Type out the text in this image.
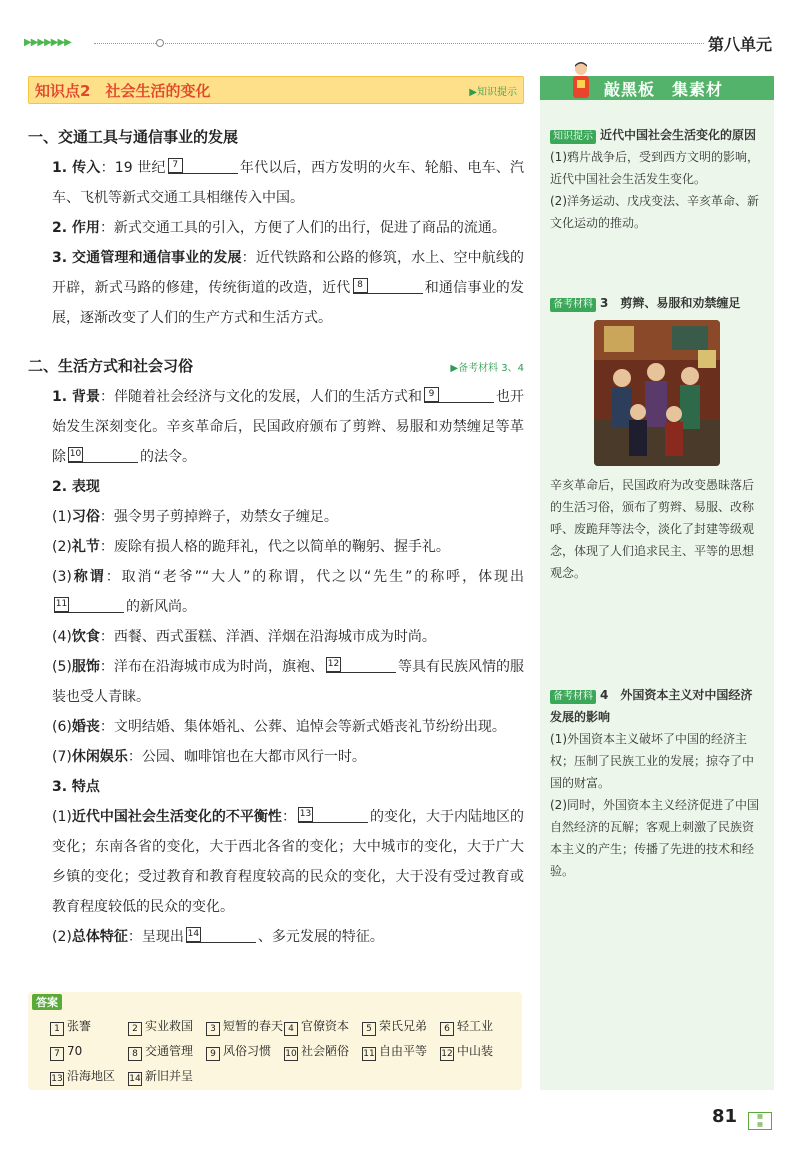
▶▶▶▶▶▶▶	第八单元
知识点2　社会生活的变化	▶知识提示
一、交通工具与通信事业的发展
1. 传入：19 世纪 7	年代以后，西方发明的火车、轮船、电车、汽车、飞机等新式交通工具相继传入中国。
2. 作用：新式交通工具的引入，方便了人们的出行，促进了商品的流通。
3. 交通管理和通信事业的发展：近代铁路和公路的修筑，水上、空中航线的开辟，新式马路的修建，传统街道的改造，近代 8	和通信事业的发展，逐渐改变了人们的生产方式和生活方式。
二、生活方式和社会习俗	▶备考材料 3、4
1. 背景：伴随着社会经济与文化的发展，人们的生活方式和 9	也开始发生深刻变化。辛亥革命后，民国政府颁布了剪辫、易服和劝禁缠足等革除 10	的法令。
2. 表现
(1)习俗：强令男子剪掉辫子，劝禁女子缠足。
(2)礼节：废除有损人格的跪拜礼，代之以简单的鞠躬、握手礼。
(3)称谓：取消“老爷”“大人”的称谓，代之以“先生”的称呼，体现出
11	的新风尚。
(4)饮食：西餐、西式蛋糕、洋酒、洋烟在沿海城市成为时尚。
(5)服饰：洋布在沿海城市成为时尚，旗袍、 12	等具有民族风情的服装也受人青睐。
(6)婚丧：文明结婚、集体婚礼、公葬、追悼会等新式婚丧礼节纷纷出现。
(7)休闲娱乐：公园、咖啡馆也在大都市风行一时。
3. 特点
(1)近代中国社会生活变化的不平衡性： 13	的变化，大于内陆地区的变化；东南各省的变化，大于西北各省的变化；大中城市的变化，大于广大乡镇的变化；受过教育和教育程度较高的民众的变化，大于没有受过教育或教育程度较低的民众的变化。
(2)总体特征：呈现出 14	、多元发展的特征。
答案
1 张謇	2 实业救国	3 短暂的春天 4 官僚资本	5 荣氏兄弟	6 轻工业
7 70	8 交通管理	9 风俗习惯	10 社会陋俗	11 自由平等	12 中山装
13 沿海地区	14 新旧并呈
敲黑板　集素材
知识提示 近代中国社会生活变化的原因
(1)鸦片战争后，受到西方文明的影响，近代中国社会生活发生变化。
(2)洋务运动、戊戌变法、辛亥革命、新文化运动的推动。
备考材料 3　剪辫、易服和劝禁缠足
辛亥革命后，民国政府为改变愚昧落后的生活习俗，颁布了剪辫、易服、改称呼、废跪拜等法令，淡化了封建等级观念，体现了人们追求民主、平等的思想观念。
备考材料 4　外国资本主义对中国经济发展的影响
(1)外国资本主义破坏了中国的经济主权；压制了民族工业的发展；掠夺了中国的财富。
(2)同时，外国资本主义经济促进了中国自然经济的瓦解；客观上刺激了民族资本主义的产生；传播了先进的技术和经验。
81	▦
▦
